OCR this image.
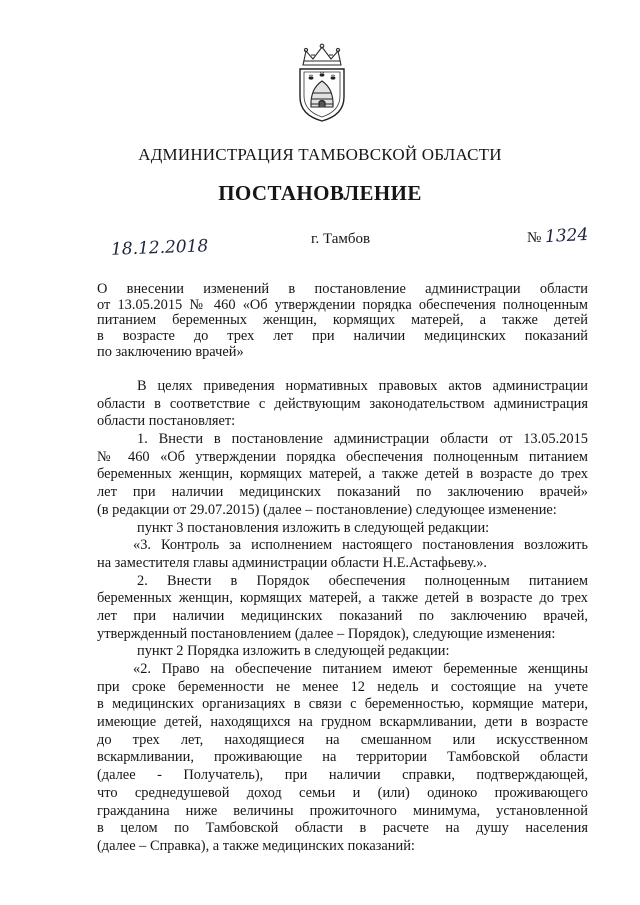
АДМИНИСТРАЦИЯ ТАМБОВСКОЙ ОБЛАСТИ
ПОСТАНОВЛЕНИЕ
18.12.2018	г. Тамбов	№ 1324
О внесении изменений в постановление администрации области
от 13.05.2015 № 460 «Об утверждении порядка обеспечения полноценным
питанием беременных женщин, кормящих матерей, а также детей
в возрасте до трех лет при наличии медицинских показаний
по заключению врачей»
В целях приведения нормативных правовых актов администрации
области в соответствие с действующим законодательством администрация
области постановляет:
1. Внести в постановление администрации области от 13.05.2015
№ 460 «Об утверждении порядка обеспечения полноценным питанием
беременных женщин, кормящих матерей, а также детей в возрасте до трех
лет при наличии медицинских показаний по заключению врачей»
(в редакции от 29.07.2015) (далее – постановление) следующее изменение:
пункт 3 постановления изложить в следующей редакции:
«3. Контроль за исполнением настоящего постановления возложить
на заместителя главы администрации области Н.Е.Астафьеву.».
2. Внести в Порядок обеспечения полноценным питанием
беременных женщин, кормящих матерей, а также детей в возрасте до трех
лет при наличии медицинских показаний по заключению врачей,
утвержденный постановлением (далее – Порядок), следующие изменения:
пункт 2 Порядка изложить в следующей редакции:
«2. Право на обеспечение питанием имеют беременные женщины
при сроке беременности не менее 12 недель и состоящие на учете
в медицинских организациях в связи с беременностью, кормящие матери,
имеющие детей, находящихся на грудном вскармливании, дети в возрасте
до трех лет, находящиеся на смешанном или искусственном
вскармливании, проживающие на территории Тамбовской области
(далее - Получатель), при наличии справки, подтверждающей,
что среднедушевой доход семьи и (или) одиноко проживающего
гражданина ниже величины прожиточного минимума, установленной
в целом по Тамбовской области в расчете на душу населения
(далее – Справка), а также медицинских показаний:
